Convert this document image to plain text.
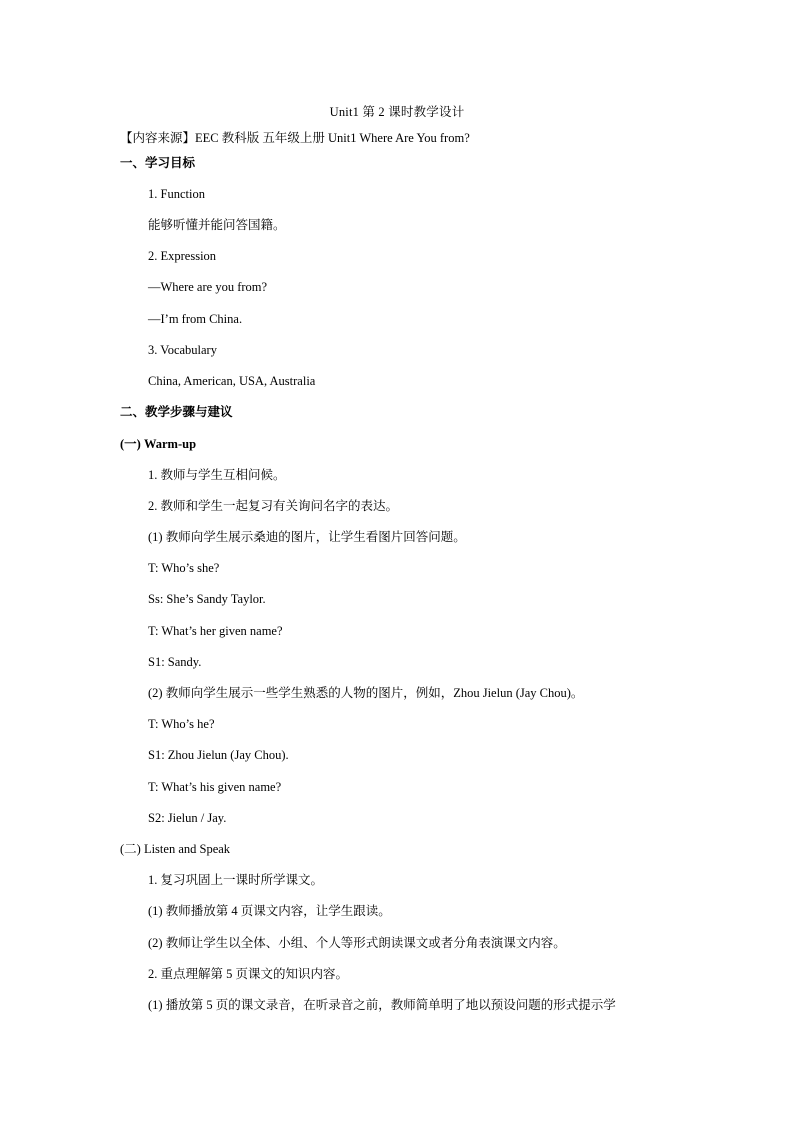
Unit1 第 2 课时教学设计
【内容来源】EEC 教科版 五年级上册 Unit1 Where Are You from?
一、学习目标
1. Function
能够听懂并能问答国籍。
2. Expression
—Where are you from?
—I’m from China.
3. Vocabulary
China, American, USA, Australia
二、教学步骤与建议
(一) Warm-up
1. 教师与学生互相问候。
2. 教师和学生一起复习有关询问名字的表达。
(1) 教师向学生展示桑迪的图片，让学生看图片回答问题。
T: Who’s she?
Ss: She’s Sandy Taylor.
T: What’s her given name?
S1: Sandy.
(2) 教师向学生展示一些学生熟悉的人物的图片，例如，Zhou Jielun (Jay Chou)。
T: Who’s he?
S1: Zhou Jielun (Jay Chou).
T: What’s his given name?
S2: Jielun / Jay.
(二) Listen and Speak
1. 复习巩固上一课时所学课文。
(1) 教师播放第 4 页课文内容，让学生跟读。
(2) 教师让学生以全体、小组、个人等形式朗读课文或者分角表演课文内容。
2. 重点理解第 5 页课文的知识内容。
(1) 播放第 5 页的课文录音，在听录音之前，教师简单明了地以预设问题的形式提示学
